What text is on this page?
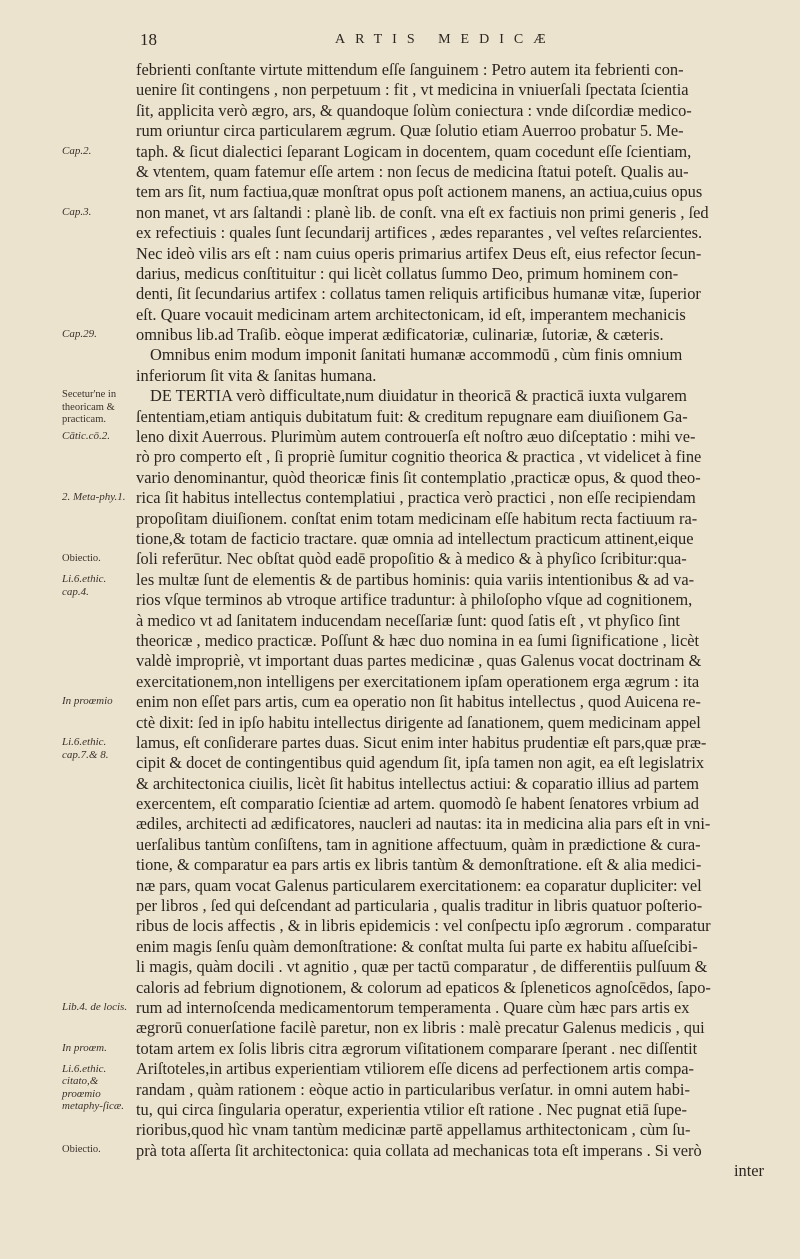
18	ARTIS MEDICÆ
febrienti conſtante virtute mittendum eſſe ſanguinem : Petro autem ita febrienti con-
uenire ſit contingens , non perpetuum : fit , vt medicina in vniuerſali ſpectata ſcientia
ſit, applicita verò ægro, ars, & quandoque ſolùm coniectura : vnde diſcordiæ medico-
rum oriuntur circa particularem ægrum. Quæ ſolutio etiam Auerroo probatur 5. Me-
taph. & ſicut dialectici ſeparant Logicam in docentem, quam cocedunt eſſe ſcientiam,
& vtentem, quam fatemur eſſe artem : non ſecus de medicina ſtatui poteſt. Qualis au-
tem ars ſit, num factiua,quæ monſtrat opus poſt actionem manens, an actiua,cuius opus
non manet, vt ars ſaltandi : planè lib. de conſt. vna eſt ex factiuis non primi generis , ſed
ex refectiuis : quales ſunt ſecundarij artifices , ædes reparantes , vel veſtes reſarcientes.
Nec ideò vilis ars eſt : nam cuius operis primarius artifex Deus eſt, eius refector ſecun-
darius, medicus conſtituitur : qui licèt collatus ſummo Deo, primum hominem con-
denti, ſit ſecundarius artifex : collatus tamen reliquis artificibus humanæ vitæ, ſuperior
eſt. Quare vocauit medicinam artem architectonicam, id eſt, imperantem mechanicis
omnibus lib.ad Traſib. eòque imperat ædificatoriæ, culinariæ, ſutoriæ, & cæteris.
Omnibus enim modum imponit ſanitati humanæ accommodū , cùm finis omnium
inferiorum ſit vita & ſanitas humana.
DE TERTIA verò difficultate,num diuidatur in theoricā & practicā iuxta vulgarem
ſententiam,etiam antiquis dubitatum fuit: & creditum repugnare eam diuiſionem Ga-
leno dixit Auerrous. Plurimùm autem controuerſa eſt noſtro æuo diſceptatio : mihi ve-
rò pro comperto eſt , ſi propriè ſumitur cognitio theorica & practica , vt videlicet à fine
vario denominantur, quòd theoricæ finis ſit contemplatio ,practicæ opus, & quod theo-
rica ſit habitus intellectus contemplatiui , practica verò practici , non eſſe recipiendam
propoſitam diuiſionem. conſtat enim totam medicinam eſſe habitum recta factiuum ra-
tione,& totam de facticio tractare. quæ omnia ad intellectum practicum attinent,eique
ſoli referūtur. Nec obſtat quòd eadē propoſitio & à medico & à phyſico ſcribitur:qua-
les multæ ſunt de elementis & de partibus hominis: quia variis intentionibus & ad va-
rios vſque terminos ab vtroque artifice traduntur: à philoſopho vſque ad cognitionem,
à medico vt ad ſanitatem inducendam neceſſariæ ſunt: quod ſatis eſt , vt phyſico ſint
theoricæ , medico practicæ. Poſſunt & hæc duo nomina in ea ſumi ſignificatione , licèt
valdè impropriè, vt important duas partes medicinæ , quas Galenus vocat doctrinam &
exercitationem,non intelligens per exercitationem ipſam operationem erga ægrum : ita
enim non eſſet pars artis, cum ea operatio non ſit habitus intellectus , quod Auicena re-
ctè dixit: ſed in ipſo habitu intellectus dirigente ad ſanationem, quem medicinam appel
lamus, eſt conſiderare partes duas. Sicut enim inter habitus prudentiæ eſt pars,quæ præ-
cipit & docet de contingentibus quid agendum ſit, ipſa tamen non agit, ea eſt legislatrix
& architectonica ciuilis, licèt ſit habitus intellectus actiui: & coparatio illius ad partem
exercentem, eſt comparatio ſcientiæ ad artem. quomodò ſe habent ſenatores vrbium ad
ædiles, architecti ad ædificatores, naucleri ad nautas: ita in medicina alia pars eſt in vni-
uerſalibus tantùm conſiſtens, tam in agnitione affectuum, quàm in prædictione & cura-
tione, & comparatur ea pars artis ex libris tantùm & demonſtratione. eſt & alia medici-
næ pars, quam vocat Galenus particularem exercitationem: ea coparatur dupliciter: vel
per libros , ſed qui deſcendant ad particularia , qualis traditur in libris quatuor poſterio-
ribus de locis affectis , & in libris epidemicis : vel conſpectu ipſo ægrorum . comparatur
enim magis ſenſu quàm demonſtratione: & conſtat multa ſui parte ex habitu aſſueſcibi-
li magis, quàm docili . vt agnitio , quæ per tactū comparatur , de differentiis pulſuum &
caloris ad febrium dignotionem, & colorum ad epaticos & ſpleneticos agnoſcēdos, ſapo-
rum ad internoſcenda medicamentorum temperamenta . Quare cùm hæc pars artis ex
ægrorū conuerſatione facilè paretur, non ex libris : malè precatur Galenus medicis , qui
totam artem ex ſolis libris citra ægrorum viſitationem comparare ſperant . nec diſſentit
Ariſtoteles,in artibus experientiam vtiliorem eſſe dicens ad perfectionem artis compa-
randam , quàm rationem : eòque actio in particularibus verſatur. in omni autem habi-
tu, qui circa ſingularia operatur, experientia vtilior eſt ratione . Nec pugnat etiā ſupe-
rioribus,quod hìc vnam tantùm medicinæ partē appellamus arthitectonicam , cùm ſu-
prà tota aſſerta ſit architectonica: quia collata ad mechanicas tota eſt imperans . Si verò
inter
Cap.2.
Cap.3.
Cap.29.
Secetur'ne in theoricam & practicam.
Cātic.cō.2.
2. Meta-phy.1.
Obiectio.
Li.6.ethic. cap.4.
In proœmio
Li.6.ethic. cap.7.& 8.
Lib.4. de locis.
In proœm.
Li.6.ethic. citato,& proœmio metaphy-ſicæ.
Obiectio.
